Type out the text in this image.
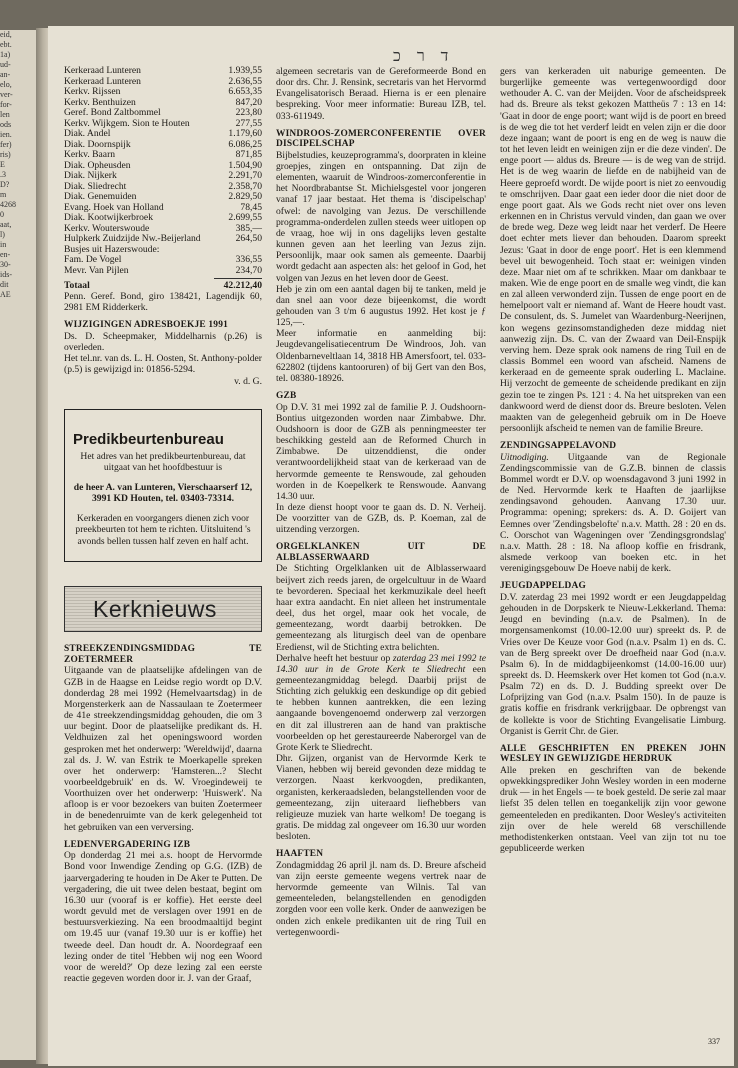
eid,
ebt.
1a)
ud-
an-
elo,
ver-
for-
len
ods
ien.
fer)
ris)
E
.3
D?
m
4268
0
aat,
l)
in
en-
30-
ids-
dit
AE
ד ר כ
Kerkeraad Lunteren	1.939,55
Kerkeraad Lunteren	2.636,55
Kerkv. Rijssen	6.653,35
Kerkv. Benthuizen	847,20
Geref. Bond Zaltbommel	223,80
Kerkv. Wijkgem. Sion te Houten	277,55
Diak. Andel	1.179,60
Diak. Doornspijk	6.086,25
Kerkv. Baarn	871,85
Diak. Opheusden	1.504,90
Diak. Nijkerk	2.291,70
Diak. Sliedrecht	2.358,70
Diak. Genemuiden	2.829,50
Evang. Hoek van Holland	78,45
Diak. Kootwijkerbroek	2.699,55
Kerkv. Wouterswoude	385,—
Hulpkerk Zuidzijde Nw.-Beijerland	264,50
Busjes uit Hazerswoude:
Fam. De Vogel	336,55
Mevr. Van Pijlen	234,70
Totaal	42.212,40

Penn. Geref. Bond, giro 138421, Lagendijk 60, 2981 EM Ridderkerk.

WIJZIGINGEN ADRESBOEKJE 1991

Ds. D. Scheepmaker, Middelharnis (p.26) is overleden.

Het tel.nr. van ds. L. H. Oosten, St. Anthony-polder (p.5) is gewijzigd in: 01856-5294.

v. d. G.

Predikbeurtenbureau

Het adres van het predikbeurtenbureau, dat uitgaat van het hoofdbestuur is

de heer A. van Lunteren, Vierschaarserf 12, 3991 KD Houten, tel. 03403-73314.

Kerkeraden en voorgangers dienen zich voor preekbeurten tot hem te richten. Uitsluitend 's avonds bellen tussen half zeven en half acht.

Kerknieuws

STREEKZENDINGSMIDDAG TE ZOETERMEER

Uitgaande van de plaatselijke afdelingen van de GZB in de Haagse en Leidse regio wordt op D.V. donderdag 28 mei 1992 (Hemelvaartsdag) in de Morgensterkerk aan de Nassaulaan te Zoetermeer de 41e streekzendingsmiddag gehouden, die om 3 uur begint. Door de plaatselijke predikant ds. H. Veldhuizen zal het openingswoord worden gesproken met het onderwerp: 'Wereldwijd', daarna zal ds. J. W. van Estrik te Moerkapelle spreken over het onderwerp: 'Hamsteren...? Slecht voorbeeldgebruik' en ds. W. Vroegindeweij te Voorthuizen over het onderwerp: 'Huiswerk'. Na afloop is er voor bezoekers van buiten Zoetermeer in de benedenruimte van de kerk gelegenheid tot het gebruiken van een verversing.

LEDENVERGADERING IZB

Op donderdag 21 mei a.s. hoopt de Hervormde Bond voor Inwendige Zending op G.G. (IZB) de jaarvergadering te houden in De Aker te Putten. De vergadering, die uit twee delen bestaat, begint om 16.30 uur (vooraf is er koffie). Het eerste deel wordt gevuld met de verslagen over 1991 en de bestuursverkiezing. Na een broodmaaltijd begint om 19.45 uur (vanaf 19.30 uur is er koffie) het tweede deel. Dan houdt dr. A. Noordegraaf een lezing onder de titel 'Hebben wij nog een Woord voor de wereld?' Op deze lezing zal een eerste reactie gegeven worden door ir. J. van der Graaf,

algemeen secretaris van de Gereformeerde Bond en door drs. Chr. J. Rensink, secretaris van het Hervormd Evangelisatorisch Beraad. Hierna is er een plenaire bespreking. Voor meer informatie: Bureau IZB, tel. 033-611949.

WINDROOS-ZOMERCONFERENTIE OVER DISCIPELSCHAP

Bijbelstudies, keuzeprogramma's, doorpraten in kleine groepjes, zingen en ontspanning. Dat zijn de elementen, waaruit de Windroos-zomerconferentie in het Noordbrabantse St. Michielsgestel voor jongeren vanaf 17 jaar bestaat. Het thema is 'discipelschap' ofwel: de navolging van Jezus. De verschillende programma-onderdelen zullen steeds weer uitlopen op de vraag, hoe wij in ons dagelijks leven gestalte kunnen geven aan het leerling van Jezus zijn. Persoonlijk, maar ook samen als gemeente. Daarbij wordt gedacht aan aspecten als: het geloof in God, het volgen van Jezus en het leven door de Geest.

Heb je zin om een aantal dagen bij te tanken, meld je dan snel aan voor deze bijeenkomst, die wordt gehouden van 3 t/m 6 augustus 1992. Het kost je ƒ 125,—.

Meer informatie en aanmelding bij: Jeugdevangelisatiecentrum De Windroos, Joh. van Oldenbarneveltlaan 14, 3818 HB Amersfoort, tel. 033-622802 (tijdens kantooruren) of bij Gert van den Bos, tel. 08380-18926.

GZB

Op D.V. 31 mei 1992 zal de familie P. J. Oudshoorn-Bontius uitgezonden worden naar Zimbabwe. Dhr. Oudshoorn is door de GZB als penningmeester ter beschikking gesteld aan de Reformed Church in Zimbabwe. De uitzenddienst, die onder verantwoordelijkheid staat van de kerkeraad van de hervormde gemeente te Renswoude, zal gehouden worden in de Koepelkerk te Renswoude. Aanvang 14.30 uur.

In deze dienst hoopt voor te gaan ds. D. N. Verheij. De voorzitter van de GZB, ds. P. Koeman, zal de uitzending verzorgen.

ORGELKLANKEN UIT DE ALBLASSERWAARD

De Stichting Orgelklanken uit de Alblasserwaard beijvert zich reeds jaren, de orgelcultuur in de Waard te bevorderen. Speciaal het kerkmuzikale deel heeft haar extra aandacht. En niet alleen het instrumentale deel, dus het orgel, maar ook het vocale, de gemeentezang, wordt daarbij betrokken. De gemeentezang als liturgisch deel van de openbare Eredienst, wil de Stichting extra belichten.

Derhalve heeft het bestuur op zaterdag 23 mei 1992 te 14.30 uur in de Grote Kerk te Sliedrecht een gemeentezangmiddag belegd. Daarbij prijst de Stichting zich gelukkig een deskundige op dit gebied te hebben kunnen aantrekken, die een lezing aangaande bovengenoemd onderwerp zal verzorgen en dit zal illustreren aan de hand van praktische voorbeelden op het gerestaureerde Naberorgel van de Grote Kerk te Sliedrecht.

Dhr. Gijzen, organist van de Hervormde Kerk te Vianen, hebben wij bereid gevonden deze middag te verzorgen. Naast kerkvoogden, predikanten, organisten, kerkeraadsleden, belangstellenden voor de gemeentezang, zijn uiteraard liefhebbers van religieuze muziek van harte welkom! De toegang is gratis. De middag zal ongeveer om 16.30 uur worden besloten.

HAAFTEN

Zondagmiddag 26 april jl. nam ds. D. Breure afscheid van zijn eerste gemeente wegens vertrek naar de hervormde gemeente van Wilnis. Tal van gemeenteleden, belangstellenden en genodigden zorgden voor een volle kerk. Onder de aanwezigen be onden zich enkele predikanten uit de ring Tuil en vertegenwoordi-

gers van kerkeraden uit naburige gemeenten. De burgerlijke gemeente was vertegenwoordigd door wethouder A. C. van der Meijden. Voor de afscheidspreek had ds. Breure als tekst gekozen Mattheüs 7 : 13 en 14: 'Gaat in door de enge poort; want wijd is de poort en breed is de weg die tot het verderf leidt en velen zijn er die door deze ingaan; want de poort is eng en de weg is nauw die tot het leven leidt en weinigen zijn er die deze vinden'. De enge poort — aldus ds. Breure — is de weg van de strijd. Het is de weg waarin de liefde en de nabijheid van de Heere geproefd wordt. De wijde poort is niet zo eenvoudig te omschrijven. Daar gaat een ieder door die niet door de enge poort gaat. Als we Gods recht niet over ons leven erkennen en in Christus vervuld vinden, dan gaan we over de brede weg. Deze weg leidt naar het verderf. De Heere doet echter mets liever dan behouden. Daarom spreekt Jezus: 'Gaat in door de enge poort'. Het is een klemmend bevel uit bewogenheid. Toch staat er: weinigen vinden deze. Maar niet om af te schrikken. Maar om dankbaar te maken. Wie de enge poort en de smalle weg vindt, die kan en zal alleen verwonderd zijn. Tussen de enge poort en de hemelpoort valt er niemand af. Want de Heere houdt vast. De consulent, ds. S. Jumelet van Waardenburg-Neerijnen, kon wegens gezinsomstandigheden deze middag niet aanwezig zijn. Ds. C. van der Zwaard van Deil-Enspijk verving hem. Deze sprak ook namens de ring Tuil en de classis Bommel een woord van afscheid. Namens de kerkeraad en de gemeente sprak ouderling L. Maclaine. Hij verzocht de gemeente de scheidende predikant en zijn gezin toe te zingen Ps. 121 : 4. Na het uitspreken van een dankwoord werd de dienst door ds. Breure besloten. Velen maakten van de gelegenheid gebruik om in De Hoeve persoonlijk afscheid te nemen van de familie Breure.

ZENDINGSAPPELAVOND

Uitnodiging. Uitgaande van de Regionale Zendingscommissie van de G.Z.B. binnen de classis Bommel wordt er D.V. op woensdagavond 3 juni 1992 in de Ned. Hervormde kerk te Haaften de jaarlijkse zendingsavond gehouden. Aanvang 17.30 uur. Programma: opening; sprekers: ds. A. D. Goijert van Eemnes over 'Zendingsbelofte' n.a.v. Matth. 28 : 20 en ds. C. Oorschot van Wageningen over 'Zendingsgrondslag' n.a.v. Matth. 28 : 18. Na afloop koffie en frisdrank, alsmede verkoop van boeken etc. in het verenigingsgebouw De Hoeve nabij de kerk.

JEUGDAPPELDAG

D.V. zaterdag 23 mei 1992 wordt er een Jeugdappeldag gehouden in de Dorpskerk te Nieuw-Lekkerland. Thema: Jeugd en bevinding (n.a.v. de Psalmen). In de morgensamenkomst (10.00-12.00 uur) spreekt ds. P. de Vries over De Keuze voor God (n.a.v. Psalm 1) en ds. C. van de Berg spreekt over De droefheid naar God (n.a.v. Psalm 6). In de middagbijeenkomst (14.00-16.00 uur) spreekt ds. D. Heemskerk over Het komen tot God (n.a.v. Psalm 72) en ds. D. J. Budding spreekt over De Lofprijzing van God (n.a.v. Psalm 150). In de pauze is gratis koffie en frisdrank verkrijgbaar. De opbrengst van de kollekte is voor de Stichting Evangelisatie Limburg. Organist is Gerrit Chr. de Gier.

ALLE GESCHRIFTEN EN PREKEN JOHN WESLEY IN GEWIJZIGDE HERDRUK

Alle preken en geschriften van de bekende opwekkingsprediker John Wesley worden in een moderne druk — in het Engels — te boek gesteld. De serie zal maar liefst 35 delen tellen en toegankelijk zijn voor gewone gemeenteleden en predikanten. Door Wesley's activiteiten zijn over de hele wereld 68 verschillende methodistenkerken ontstaan. Veel van zijn tot nu toe gepubliceerde werken

337
